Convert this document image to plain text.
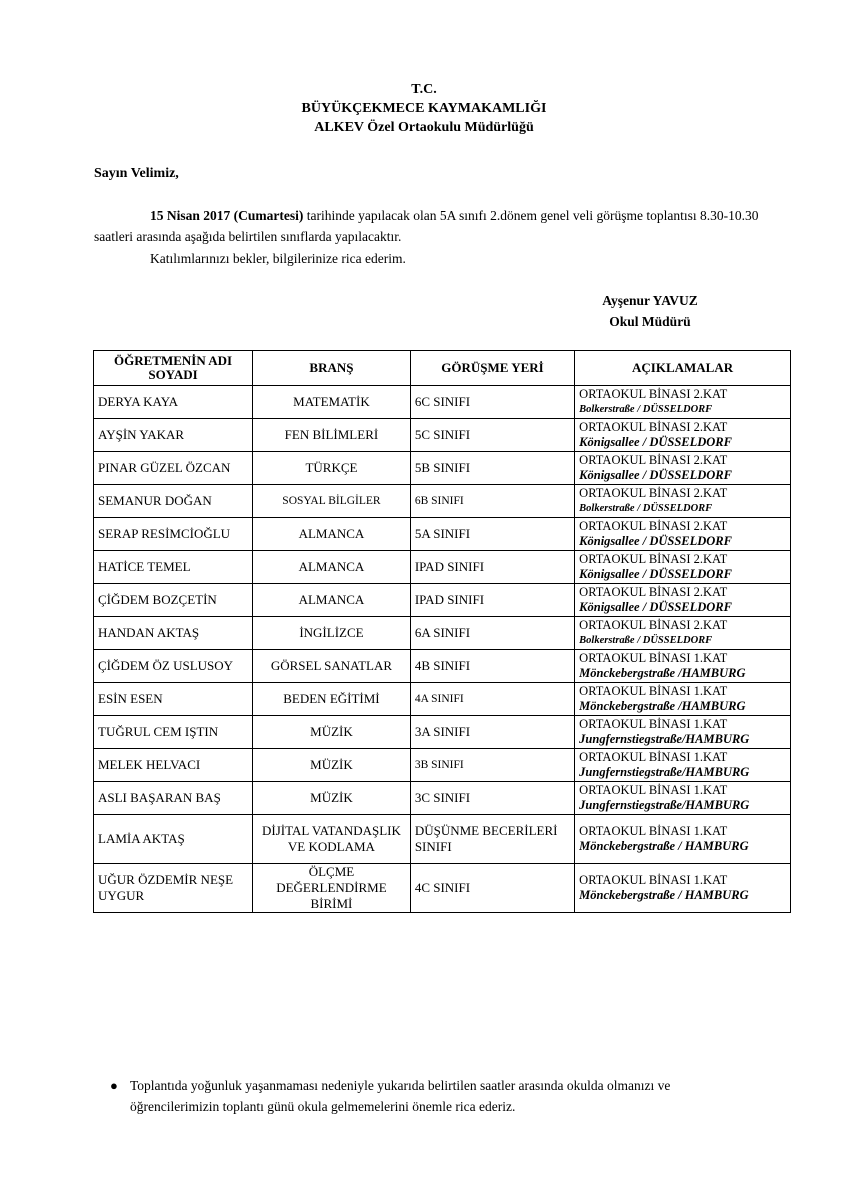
T.C.
BÜYÜKÇEKMECE KAYMAKAMLIĞI
ALKEV Özel Ortaokulu Müdürlüğü
Sayın Velimiz,
15 Nisan 2017 (Cumartesi) tarihinde yapılacak olan 5A sınıfı 2.dönem genel veli görüşme toplantısı 8.30-10.30 saatleri arasında aşağıda belirtilen sınıflarda yapılacaktır.
Katılımlarınızı bekler, bilgilerinize rica ederim.
Ayşenur YAVUZ
Okul Müdürü
ÖĞRETMENİN ADI SOYADI	BRANŞ	GÖRÜŞME YERİ	AÇIKLAMALAR
DERYA KAYA	MATEMATİK	6C SINIFI	ORTAOKUL BİNASI 2.KAT
Bolkerstraße / DÜSSELDORF

AYŞİN YAKAR	FEN BİLİMLERİ	5C SINIFI	ORTAOKUL BİNASI 2.KAT
Königsallee / DÜSSELDORF

PINAR GÜZEL ÖZCAN	TÜRKÇE	5B SINIFI	ORTAOKUL BİNASI 2.KAT
Königsallee / DÜSSELDORF

SEMANUR DOĞAN	SOSYAL BİLGİLER	6B SINIFI	ORTAOKUL BİNASI 2.KAT
Bolkerstraße / DÜSSELDORF

SERAP RESİMCİOĞLU	ALMANCA	5A SINIFI	ORTAOKUL BİNASI 2.KAT
Königsallee / DÜSSELDORF

HATİCE TEMEL	ALMANCA	IPAD SINIFI	ORTAOKUL BİNASI 2.KAT
Königsallee / DÜSSELDORF

ÇİĞDEM BOZÇETİN	ALMANCA	IPAD SINIFI	ORTAOKUL BİNASI 2.KAT
Königsallee / DÜSSELDORF

HANDAN AKTAŞ	İNGİLİZCE	6A SINIFI	ORTAOKUL BİNASI 2.KAT
Bolkerstraße / DÜSSELDORF

ÇİĞDEM ÖZ USLUSOY	GÖRSEL SANATLAR	4B SINIFI	ORTAOKUL BİNASI 1.KAT
Mönckebergstraße /HAMBURG

ESİN ESEN	BEDEN EĞİTİMİ	4A SINIFI	ORTAOKUL BİNASI 1.KAT
Mönckebergstraße /HAMBURG

TUĞRUL CEM IŞTIN	MÜZİK	3A SINIFI	ORTAOKUL BİNASI 1.KAT
Jungfernstiegstraße/HAMBURG

MELEK HELVACI	MÜZİK	3B SINIFI	ORTAOKUL BİNASI 1.KAT
Jungfernstiegstraße/HAMBURG

ASLI BAŞARAN BAŞ	MÜZİK	3C SINIFI	ORTAOKUL BİNASI 1.KAT
Jungfernstiegstraße/HAMBURG

LAMİA AKTAŞ	DİJİTAL VATANDAŞLIK VE KODLAMA	DÜŞÜNME BECERİLERİ SINIFI	ORTAOKUL BİNASI 1.KAT
Mönckebergstraße / HAMBURG

UĞUR ÖZDEMİR NEŞE UYGUR	ÖLÇME DEĞERLENDİRME BİRİMİ	4C SINIFI	ORTAOKUL BİNASI 1.KAT
Mönckebergstraße / HAMBURG
● Toplantıda yoğunluk yaşanmaması nedeniyle yukarıda belirtilen saatler arasında okulda olmanızı ve öğrencilerimizin toplantı günü okula gelmemelerini önemle rica ederiz.
